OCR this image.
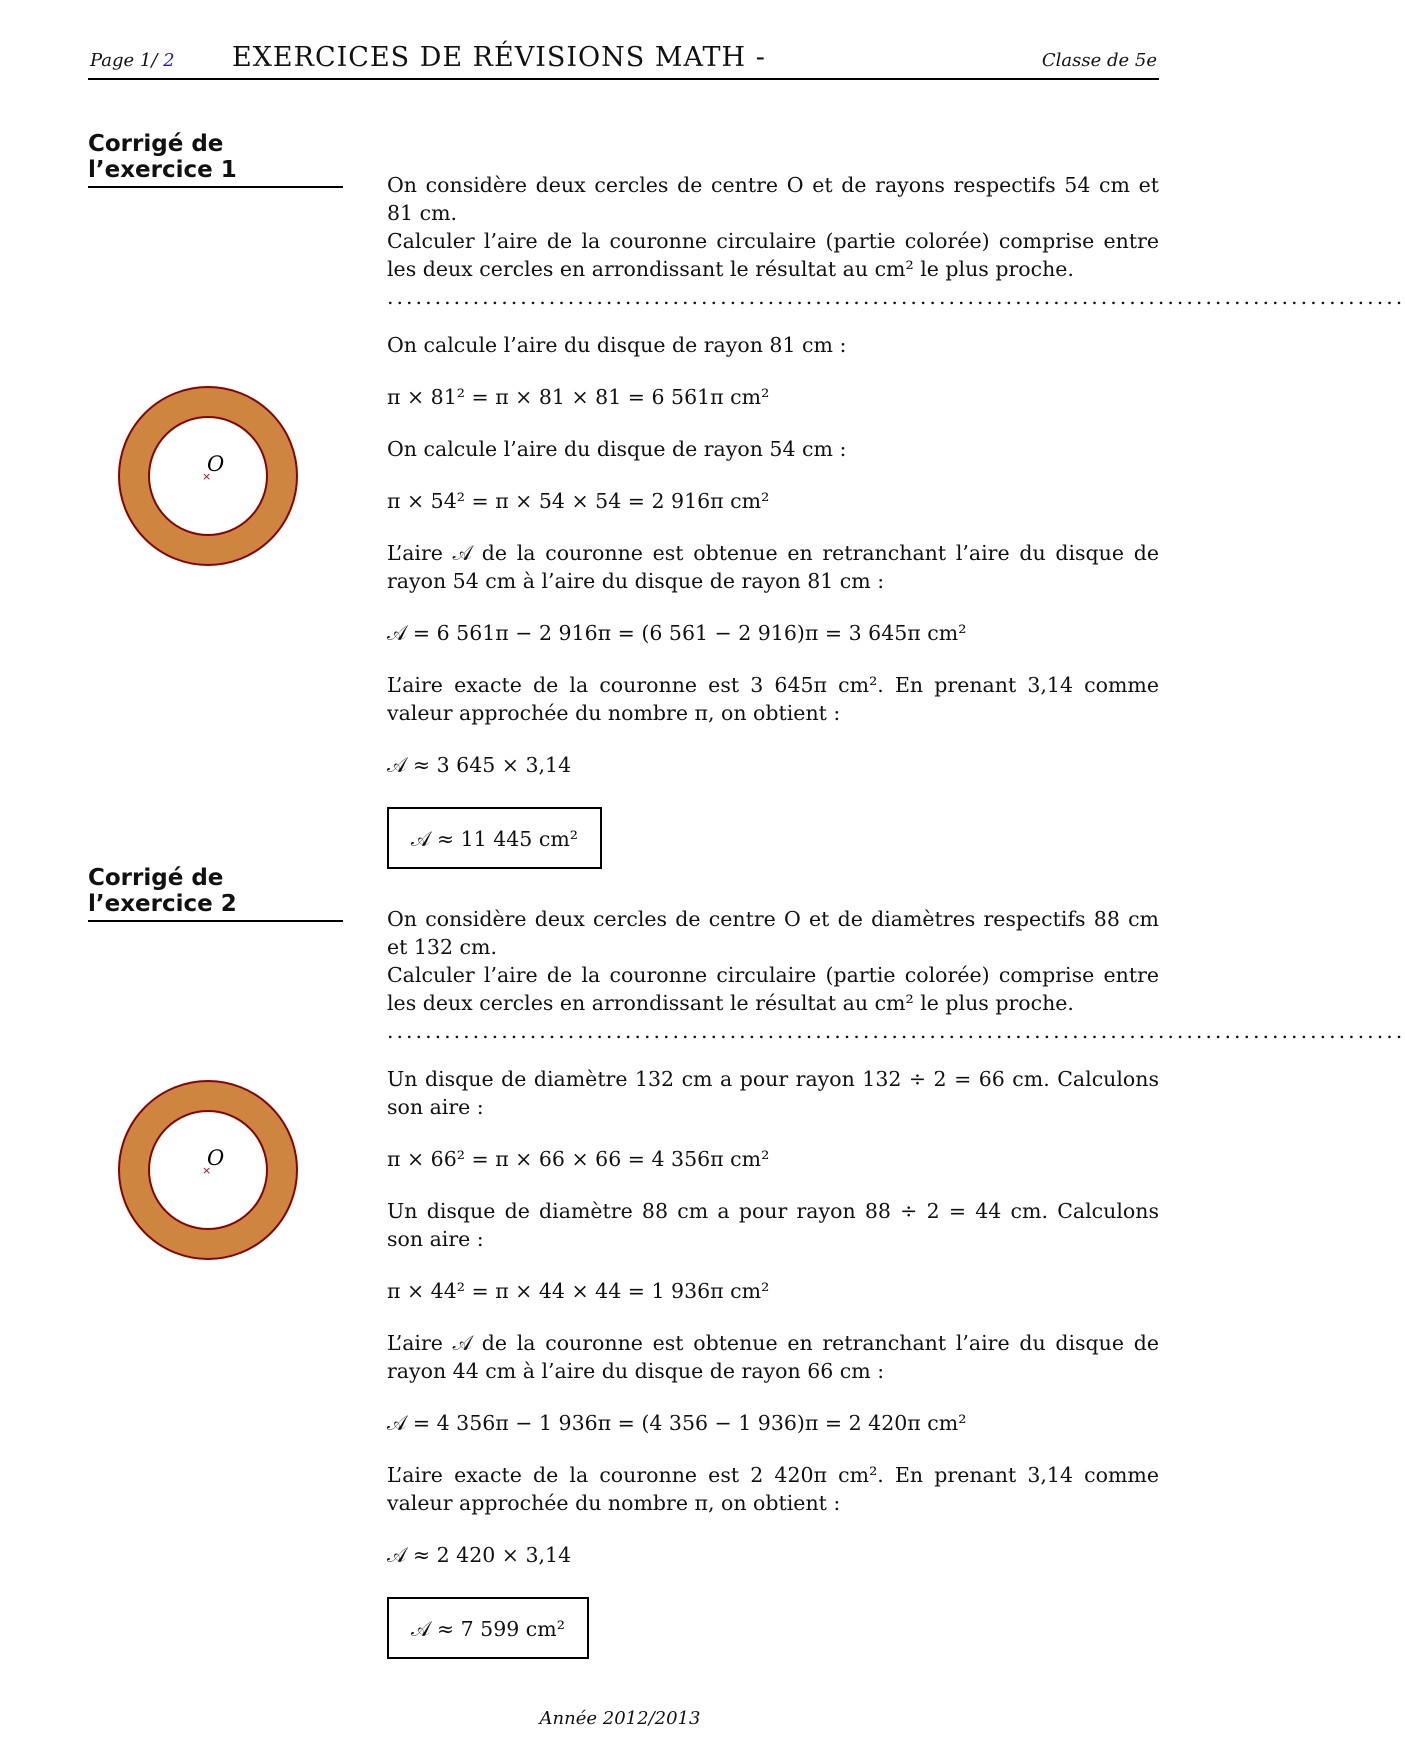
Page 1/ 2 EXERCICES DE RÉVISIONS MATH -	Classe de 5e
Corrigé de l’exercice 1
×
O

On considère deux cercles de centre O et de rayons respectifs 54 cm et 81 cm.

Calculer l’aire de la couronne circulaire (partie colorée) comprise entre les deux cercles en arrondissant le résultat au cm² le plus proche.

...........................................................................................................

On calcule l’aire du disque de rayon 81 cm :

π × 81² = π × 81 × 81 = 6 561π cm²

On calcule l’aire du disque de rayon 54 cm :

π × 54² = π × 54 × 54 = 2 916π cm²

L’aire 𝒜 de la couronne est obtenue en retranchant l’aire du disque de rayon 54 cm à l’aire du disque de rayon 81 cm :

𝒜 = 6 561π − 2 916π = (6 561 − 2 916)π = 3 645π cm²

L’aire exacte de la couronne est 3 645π cm². En prenant 3,14 comme valeur approchée du nombre π, on obtient :

𝒜 ≈ 3 645 × 3,14

𝒜 ≈ 11 445 cm²
Corrigé de l’exercice 2
×
O

On considère deux cercles de centre O et de diamètres respectifs 88 cm et 132 cm.

Calculer l’aire de la couronne circulaire (partie colorée) comprise entre les deux cercles en arrondissant le résultat au cm² le plus proche.

...........................................................................................................

Un disque de diamètre 132 cm a pour rayon 132 ÷ 2 = 66 cm. Calculons son aire :

π × 66² = π × 66 × 66 = 4 356π cm²

Un disque de diamètre 88 cm a pour rayon 88 ÷ 2 = 44 cm. Calculons son aire :

π × 44² = π × 44 × 44 = 1 936π cm²

L’aire 𝒜 de la couronne est obtenue en retranchant l’aire du disque de rayon 44 cm à l’aire du disque de rayon 66 cm :

𝒜 = 4 356π − 1 936π = (4 356 − 1 936)π = 2 420π cm²

L’aire exacte de la couronne est 2 420π cm². En prenant 3,14 comme valeur approchée du nombre π, on obtient :

𝒜 ≈ 2 420 × 3,14

𝒜 ≈ 7 599 cm²
Année 2012/2013
